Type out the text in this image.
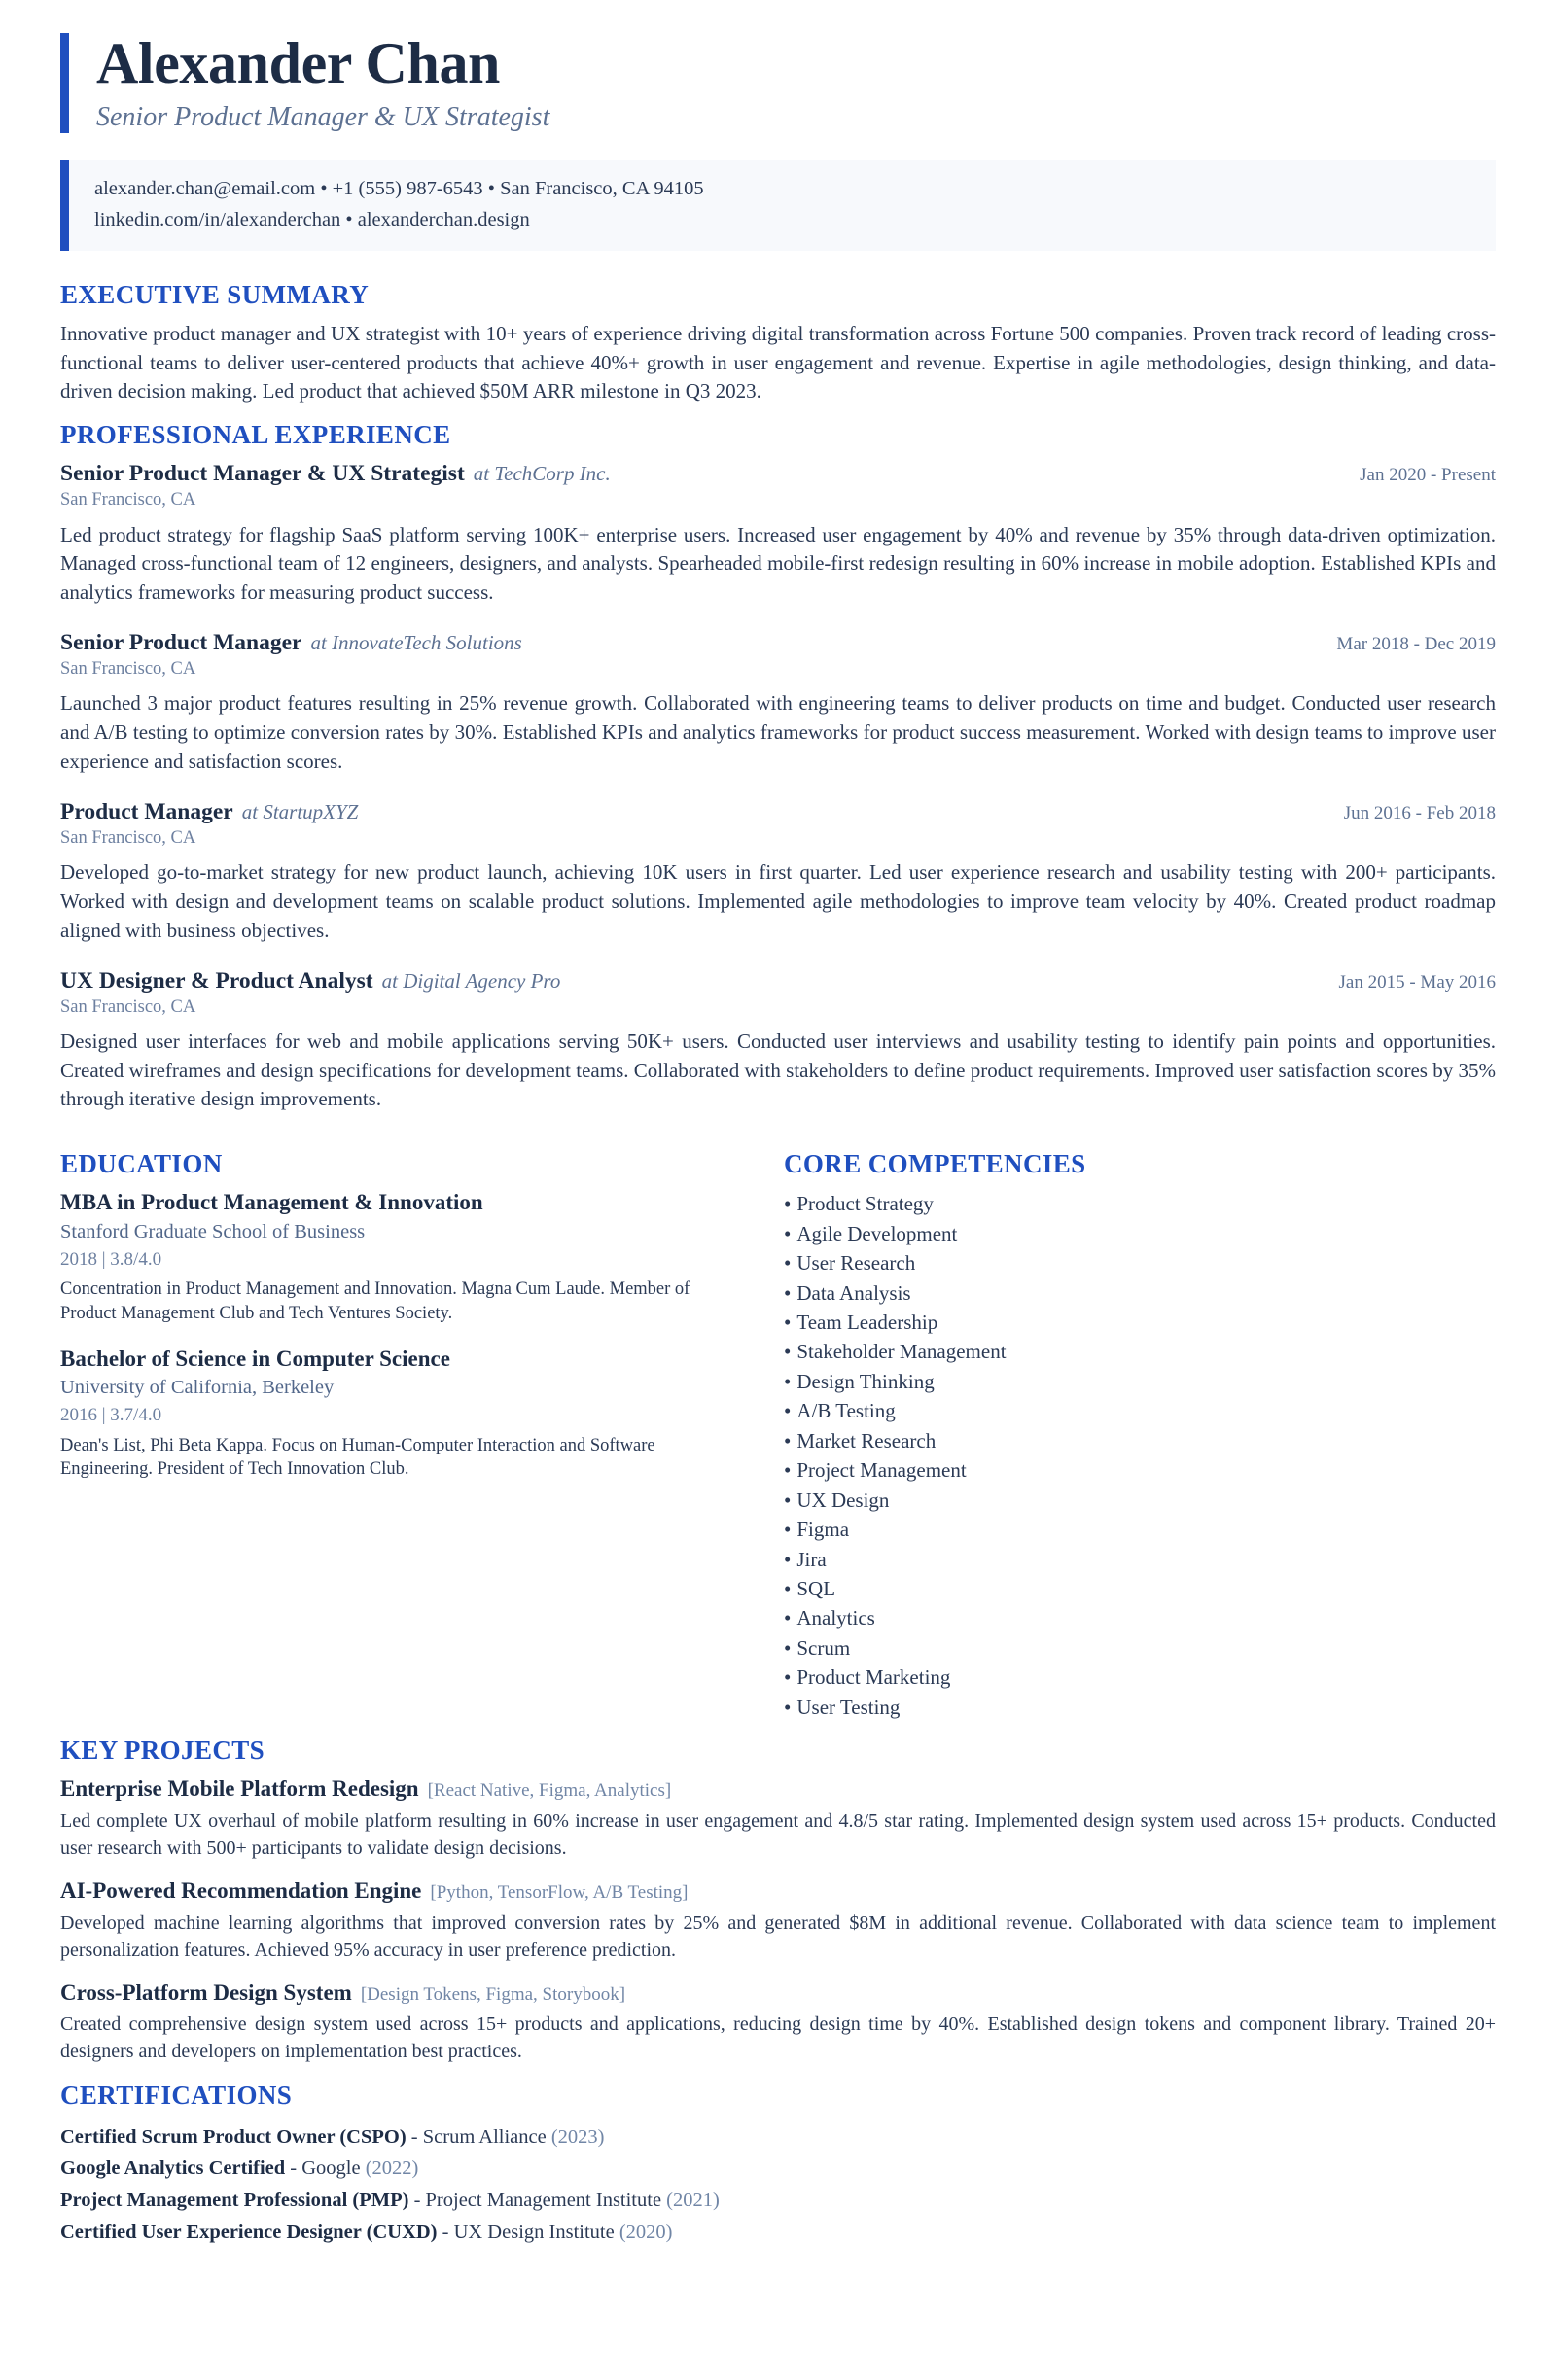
Alexander Chan
Senior Product Manager & UX Strategist
alexander.chan@email.com • +1 (555) 987-6543 • San Francisco, CA 94105
linkedin.com/in/alexanderchan • alexanderchan.design
EXECUTIVE SUMMARY

Innovative product manager and UX strategist with 10+ years of experience driving digital transformation across Fortune 500 companies. Proven track record of leading cross-functional teams to deliver user-centered products that achieve 40%+ growth in user engagement and revenue. Expertise in agile methodologies, design thinking, and data-driven decision making. Led product that achieved $50M ARR milestone in Q3 2023.

PROFESSIONAL EXPERIENCE
Senior Product Manager & UX Strategist at TechCorp Inc.	Jan 2020 - Present
San Francisco, CA

Led product strategy for flagship SaaS platform serving 100K+ enterprise users. Increased user engagement by 40% and revenue by 35% through data-driven optimization. Managed cross-functional team of 12 engineers, designers, and analysts. Spearheaded mobile-first redesign resulting in 60% increase in mobile adoption. Established KPIs and analytics frameworks for measuring product success.

Senior Product Manager at InnovateTech Solutions	Mar 2018 - Dec 2019
San Francisco, CA

Launched 3 major product features resulting in 25% revenue growth. Collaborated with engineering teams to deliver products on time and budget. Conducted user research and A/B testing to optimize conversion rates by 30%. Established KPIs and analytics frameworks for product success measurement. Worked with design teams to improve user experience and satisfaction scores.

Product Manager at StartupXYZ	Jun 2016 - Feb 2018
San Francisco, CA

Developed go-to-market strategy for new product launch, achieving 10K users in first quarter. Led user experience research and usability testing with 200+ participants. Worked with design and development teams on scalable product solutions. Implemented agile methodologies to improve team velocity by 40%. Created product roadmap aligned with business objectives.

UX Designer & Product Analyst at Digital Agency Pro	Jan 2015 - May 2016
San Francisco, CA

Designed user interfaces for web and mobile applications serving 50K+ users. Conducted user interviews and usability testing to identify pain points and opportunities. Created wireframes and design specifications for development teams. Collaborated with stakeholders to define product requirements. Improved user satisfaction scores by 35% through iterative design improvements.

EDUCATION
MBA in Product Management & Innovation
Stanford Graduate School of Business
2018 | 3.8/4.0
Concentration in Product Management and Innovation. Magna Cum Laude. Member of Product Management Club and Tech Ventures Society.
Bachelor of Science in Computer Science
University of California, Berkeley
2016 | 3.7/4.0
Dean's List, Phi Beta Kappa. Focus on Human-Computer Interaction and Software Engineering. President of Tech Innovation Club.
CORE COMPETENCIES
• Product Strategy
• Agile Development
• User Research
• Data Analysis
• Team Leadership
• Stakeholder Management
• Design Thinking
• A/B Testing
• Market Research
• Project Management
• UX Design
• Figma
• Jira
• SQL
• Analytics
• Scrum
• Product Marketing
• User Testing
KEY PROJECTS
Enterprise Mobile Platform Redesign [React Native, Figma, Analytics]
Led complete UX overhaul of mobile platform resulting in 60% increase in user engagement and 4.8/5 star rating. Implemented design system used across 15+ products. Conducted user research with 500+ participants to validate design decisions.
AI-Powered Recommendation Engine [Python, TensorFlow, A/B Testing]
Developed machine learning algorithms that improved conversion rates by 25% and generated $8M in additional revenue. Collaborated with data science team to implement personalization features. Achieved 95% accuracy in user preference prediction.
Cross-Platform Design System [Design Tokens, Figma, Storybook]
Created comprehensive design system used across 15+ products and applications, reducing design time by 40%. Established design tokens and component library. Trained 20+ designers and developers on implementation best practices.
CERTIFICATIONS
Certified Scrum Product Owner (CSPO) - Scrum Alliance (2023)
Google Analytics Certified - Google (2022)
Project Management Professional (PMP) - Project Management Institute (2021)
Certified User Experience Designer (CUXD) - UX Design Institute (2020)
